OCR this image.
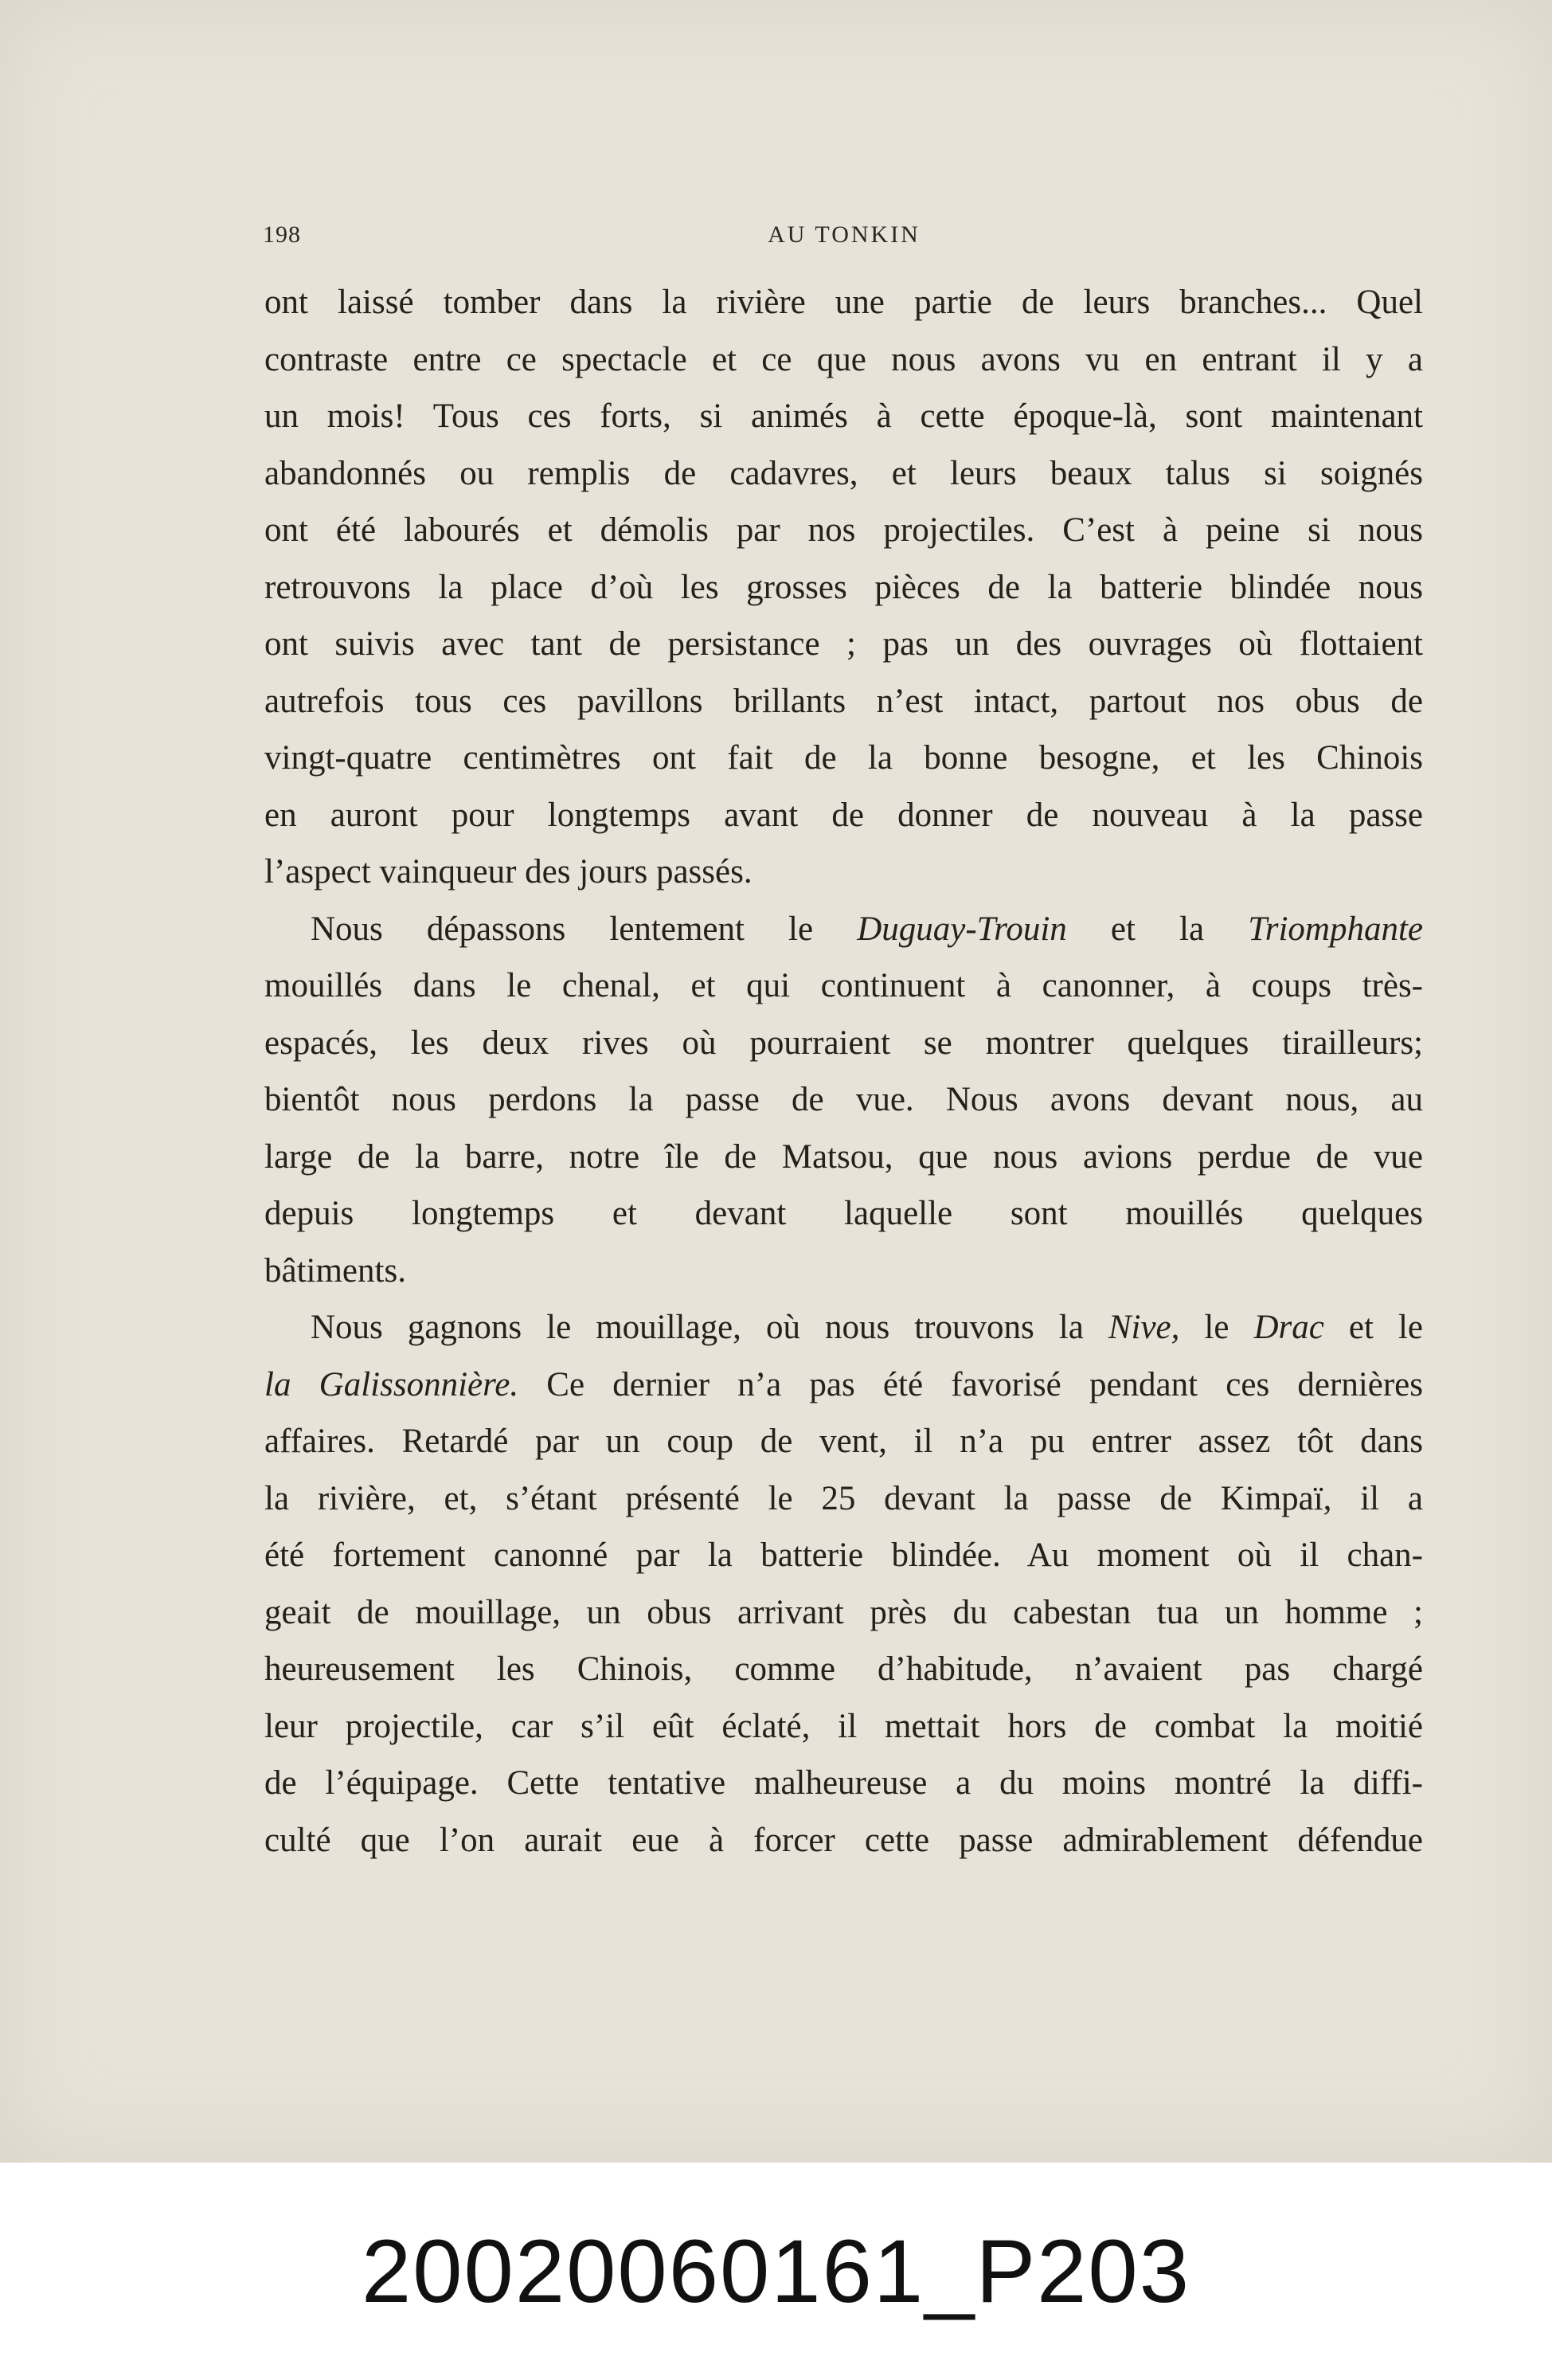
198	AU TONKIN
ont laissé tomber dans la rivière une partie de leurs branches... Quel
contraste entre ce spectacle et ce que nous avons vu en entrant il y a
un mois! Tous ces forts, si animés à cette époque-là, sont maintenant
abandonnés ou remplis de cadavres, et leurs beaux talus si soignés
ont été labourés et démolis par nos projectiles. C’est à peine si nous
retrouvons la place d’où les grosses pièces de la batterie blindée nous
ont suivis avec tant de persistance ; pas un des ouvrages où flottaient
autrefois tous ces pavillons brillants n’est intact, partout nos obus de
vingt-quatre centimètres ont fait de la bonne besogne, et les Chinois
en auront pour longtemps avant de donner de nouveau à la passe
l’aspect vainqueur des jours passés.
Nous dépassons lentement le Duguay-Trouin et la Triomphante
mouillés dans le chenal, et qui continuent à canonner, à coups très-
espacés, les deux rives où pourraient se montrer quelques tirailleurs;
bientôt nous perdons la passe de vue. Nous avons devant nous, au
large de la barre, notre île de Matsou, que nous avions perdue de vue
depuis longtemps et devant laquelle sont mouillés quelques
bâtiments.
Nous gagnons le mouillage, où nous trouvons la Nive, le Drac et le
la Galissonnière. Ce dernier n’a pas été favorisé pendant ces dernières
affaires. Retardé par un coup de vent, il n’a pu entrer assez tôt dans
la rivière, et, s’étant présenté le 25 devant la passe de Kimpaï, il a
été fortement canonné par la batterie blindée. Au moment où il chan-
geait de mouillage, un obus arrivant près du cabestan tua un homme ;
heureusement les Chinois, comme d’habitude, n’avaient pas chargé
leur projectile, car s’il eût éclaté, il mettait hors de combat la moitié
de l’équipage. Cette tentative malheureuse a du moins montré la diffi-
culté que l’on aurait eue à forcer cette passe admirablement défendue
20020060161_P203
